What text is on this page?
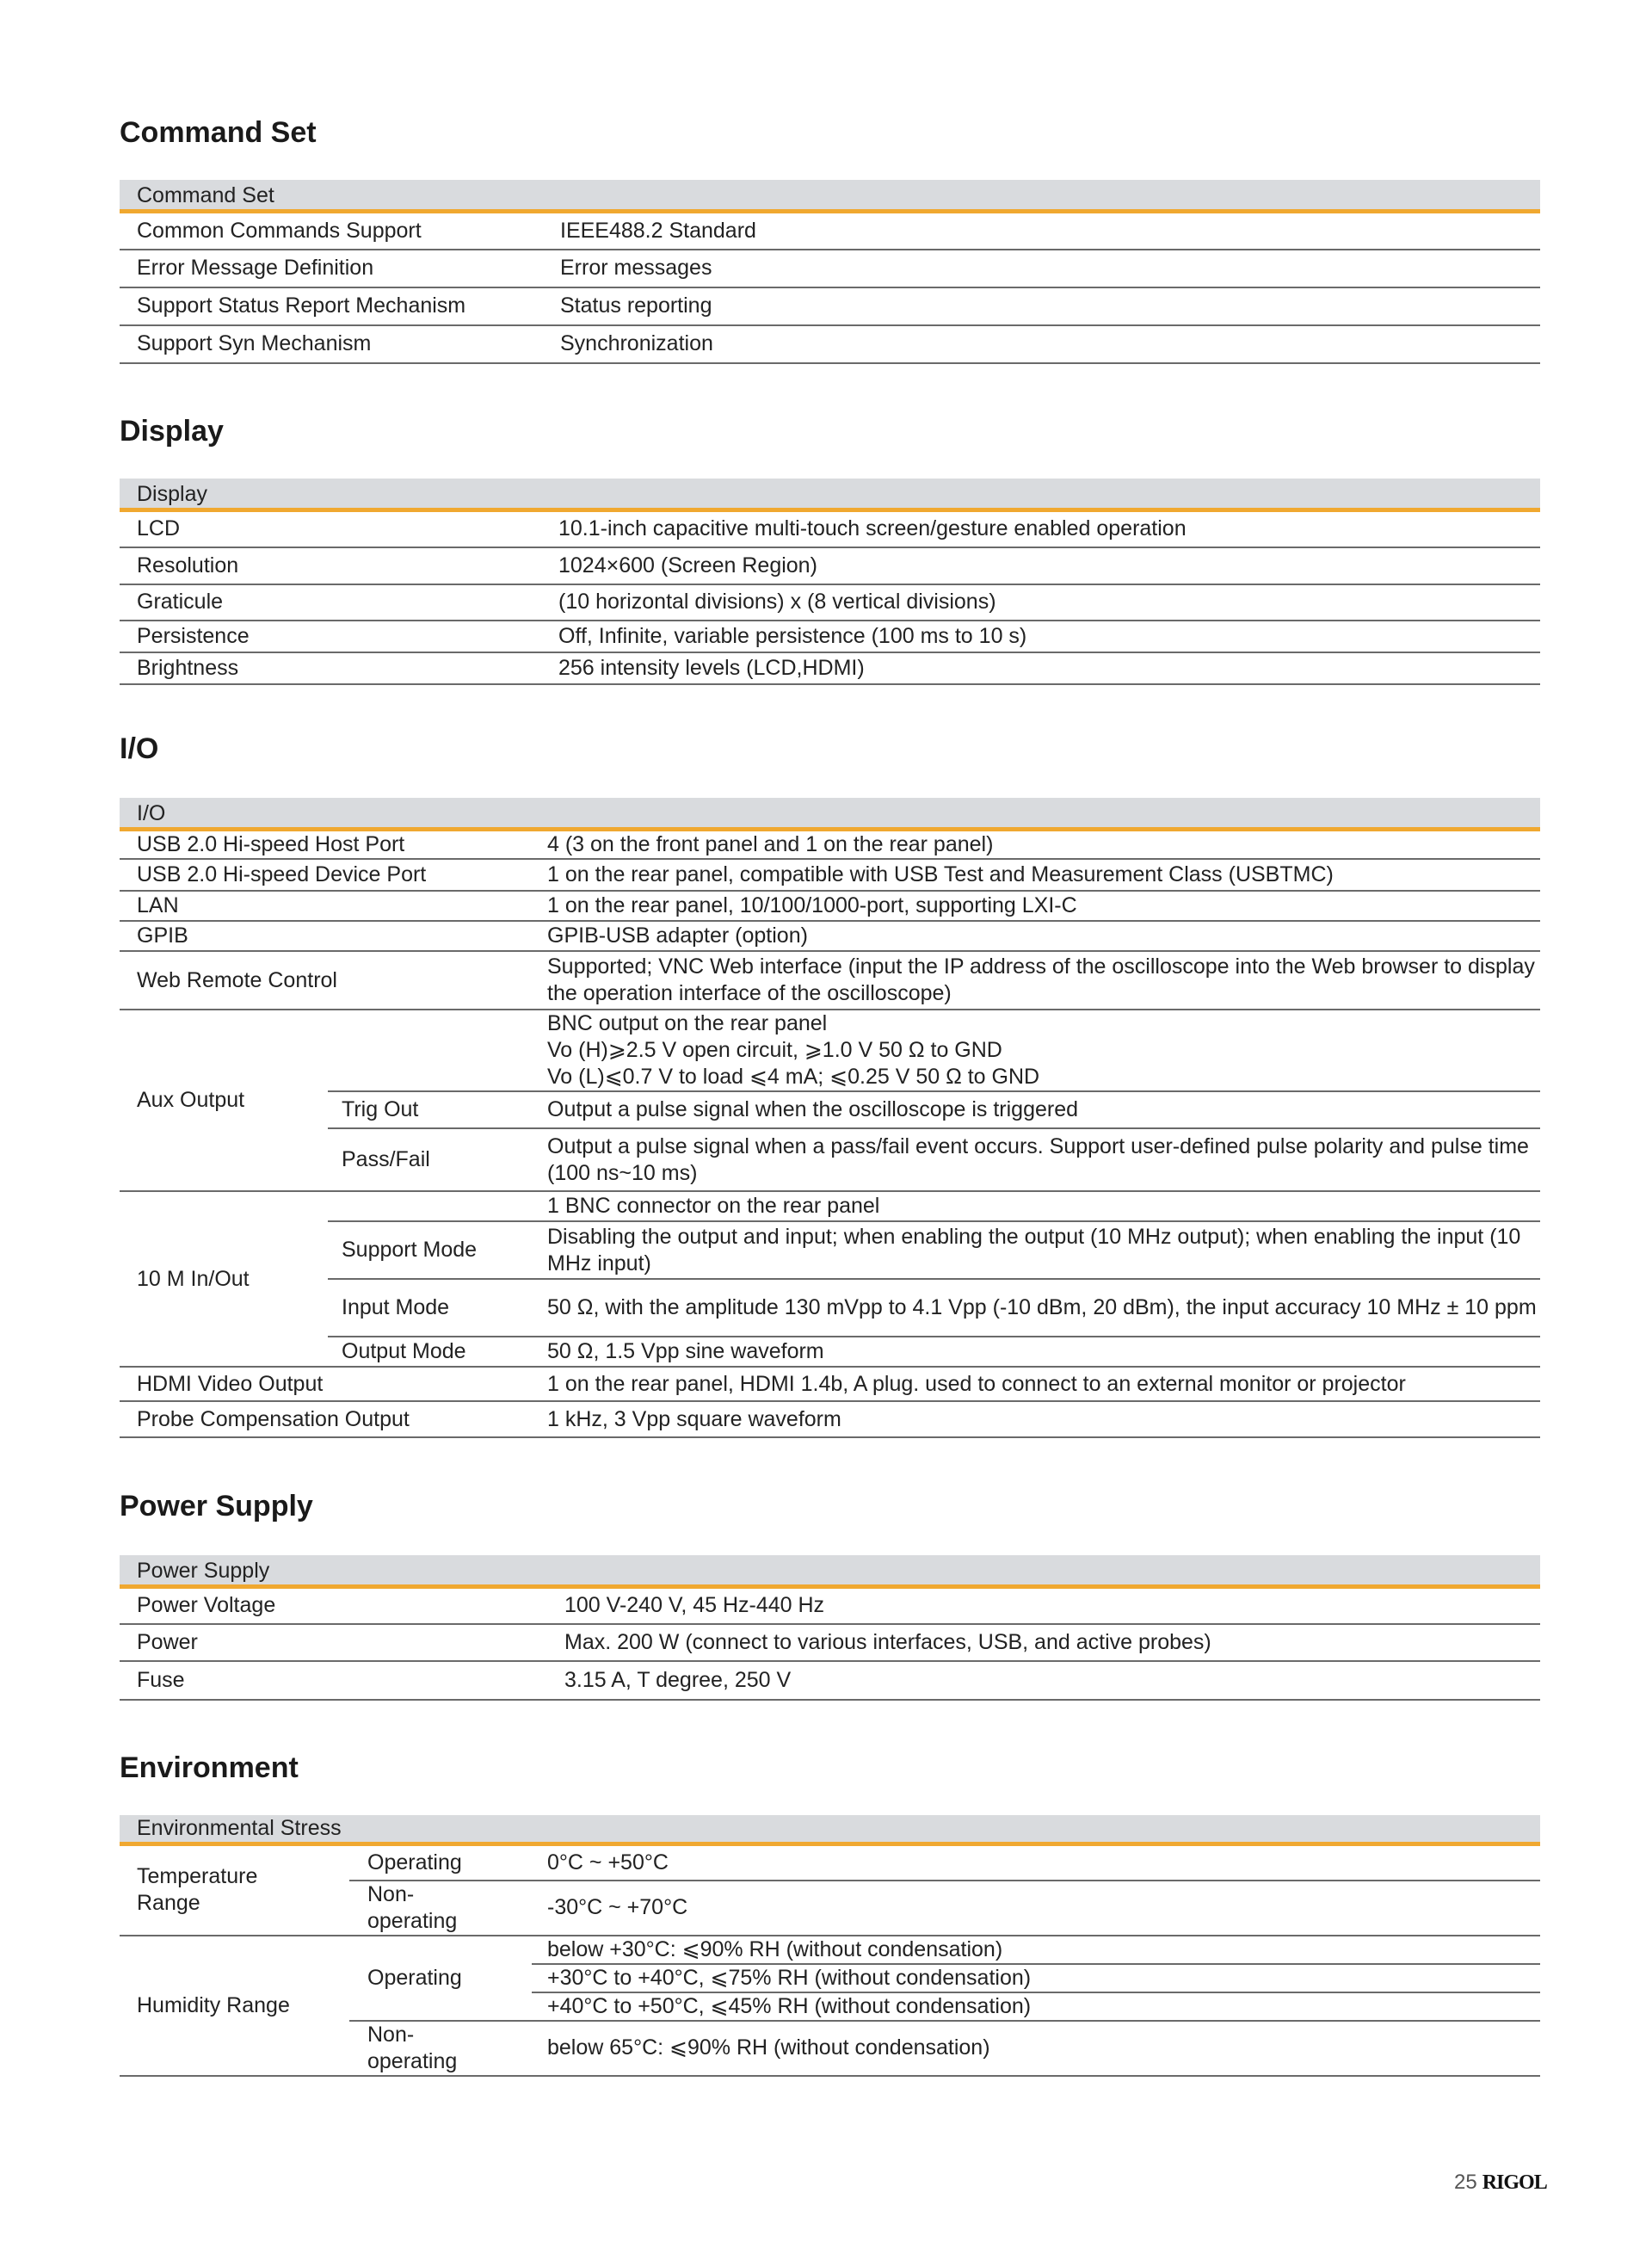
Command Set
Command Set	
Common Commands Support	IEEE488.2 Standard
Error Message Definition	Error messages
Support Status Report Mechanism	Status reporting
Support Syn Mechanism	Synchronization
Display
Display	
LCD	10.1-inch capacitive multi-touch screen/gesture enabled operation
Resolution	1024×600 (Screen Region)
Graticule	(10 horizontal divisions) x (8 vertical divisions)
Persistence	Off, Infinite, variable persistence (100 ms to 10 s)
Brightness	256 intensity levels (LCD,HDMI)
I/O
I/O		
USB 2.0 Hi-speed Host Port		4 (3 on the front panel and 1 on the rear panel)
USB 2.0 Hi-speed Device Port		1 on the rear panel, compatible with USB Test and Measurement Class (USBTMC)
LAN		1 on the rear panel, 10/100/1000-port, supporting LXI-C
GPIB		GPIB-USB adapter (option)
Web Remote Control		Supported; VNC Web interface (input the IP address of the oscilloscope into the Web browser to display the operation interface of the oscilloscope)
Aux Output		BNC output on the rear panel
Vo (H)⩾2.5 V open circuit, ⩾1.0 V 50 Ω to GND
Vo (L)⩽0.7 V to load ⩽4 mA; ⩽0.25 V 50 Ω to GND

	Trig Out	Output a pulse signal when the oscilloscope is triggered
	Pass/Fail	Output a pulse signal when a pass/fail event occurs. Support user-defined pulse polarity and pulse time (100 ns~10 ms)
10 M In/Out		1 BNC connector on the rear panel
	Support Mode	Disabling the output and input; when enabling the output (10 MHz output); when enabling the input (10 MHz input)
	Input Mode	50 Ω, with the amplitude 130 mVpp to 4.1 Vpp (-10 dBm, 20 dBm), the input accuracy 10 MHz ± 10 ppm
	Output Mode	50 Ω, 1.5 Vpp sine waveform
HDMI Video Output		1 on the rear panel, HDMI 1.4b, A plug. used to connect to an external monitor or projector
Probe Compensation Output		1 kHz, 3 Vpp square waveform
Power Supply
Power Supply	
Power Voltage	100 V-240 V, 45 Hz-440 Hz
Power	Max. 200 W (connect to various interfaces, USB, and active probes)
Fuse	3.15 A, T degree, 250 V
Environment
Environmental Stress		
Temperature Range	Operating	0°C ~ +50°C
	Non-operating	-30°C ~ +70°C
Humidity Range	Operating	below +30°C: ⩽90% RH (without condensation)
		+30°C to +40°C, ⩽75% RH (without condensation)
		+40°C to +50°C, ⩽45% RH (without condensation)
	Non-operating	below 65°C: ⩽90% RH (without condensation)
25 RIGOL
